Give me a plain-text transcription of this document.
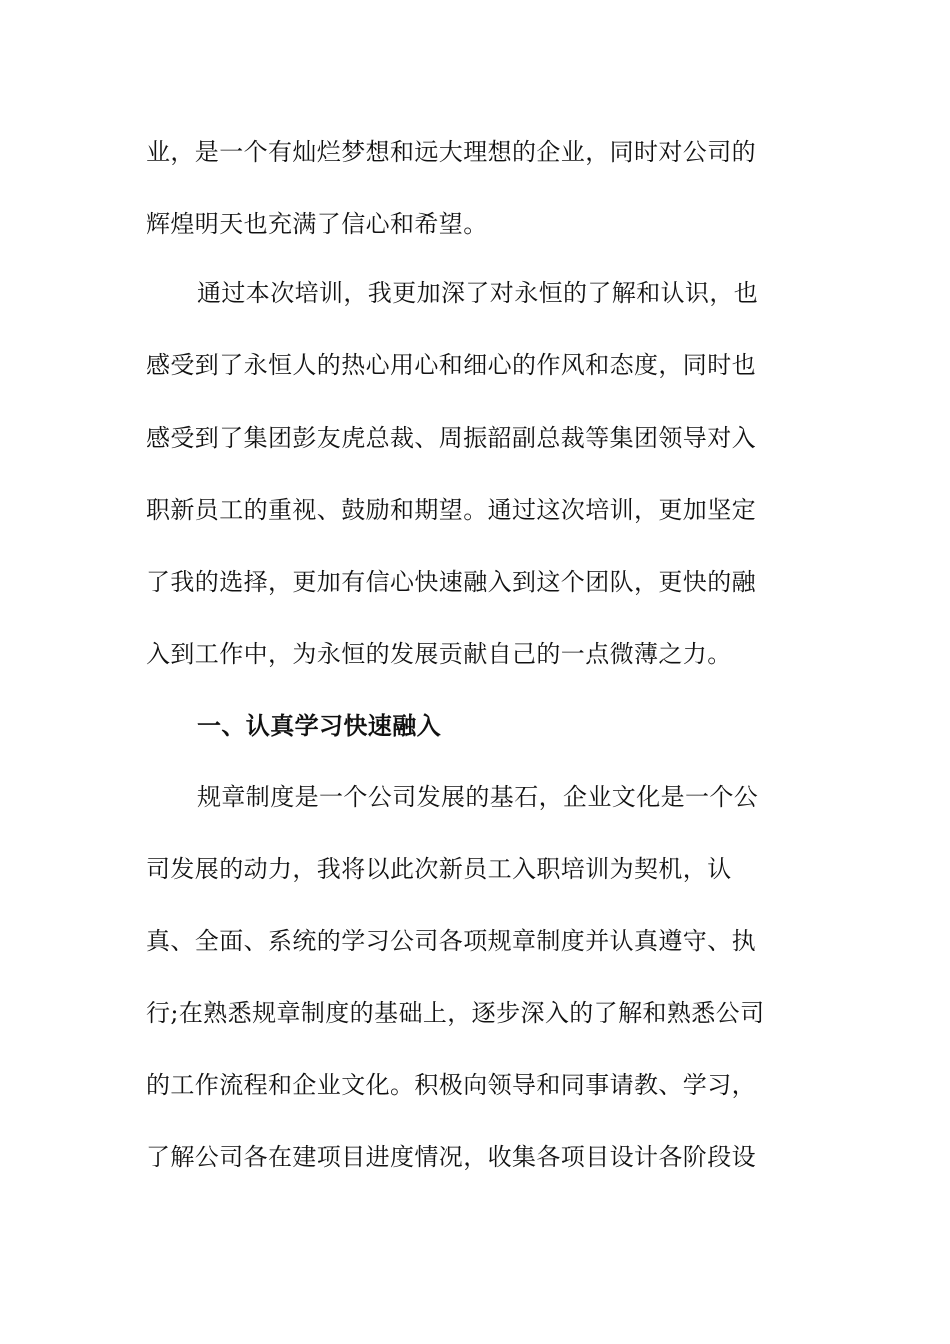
业，是一个有灿烂梦想和远大理想的企业，同时对公司的
辉煌明天也充满了信心和希望。
通过本次培训，我更加深了对永恒的了解和认识，也
感受到了永恒人的热心用心和细心的作风和态度，同时也
感受到了集团彭友虎总裁、周振韶副总裁等集团领导对入
职新员工的重视、鼓励和期望。通过这次培训，更加坚定
了我的选择，更加有信心快速融入到这个团队，更快的融
入到工作中，为永恒的发展贡献自己的一点微薄之力。
一、认真学习快速融入
规章制度是一个公司发展的基石，企业文化是一个公
司发展的动力，我将以此次新员工入职培训为契机，认
真、全面、系统的学习公司各项规章制度并认真遵守、执
行;在熟悉规章制度的基础上，逐步深入的了解和熟悉公司
的工作流程和企业文化。积极向领导和同事请教、学习，
了解公司各在建项目进度情况，收集各项目设计各阶段设
